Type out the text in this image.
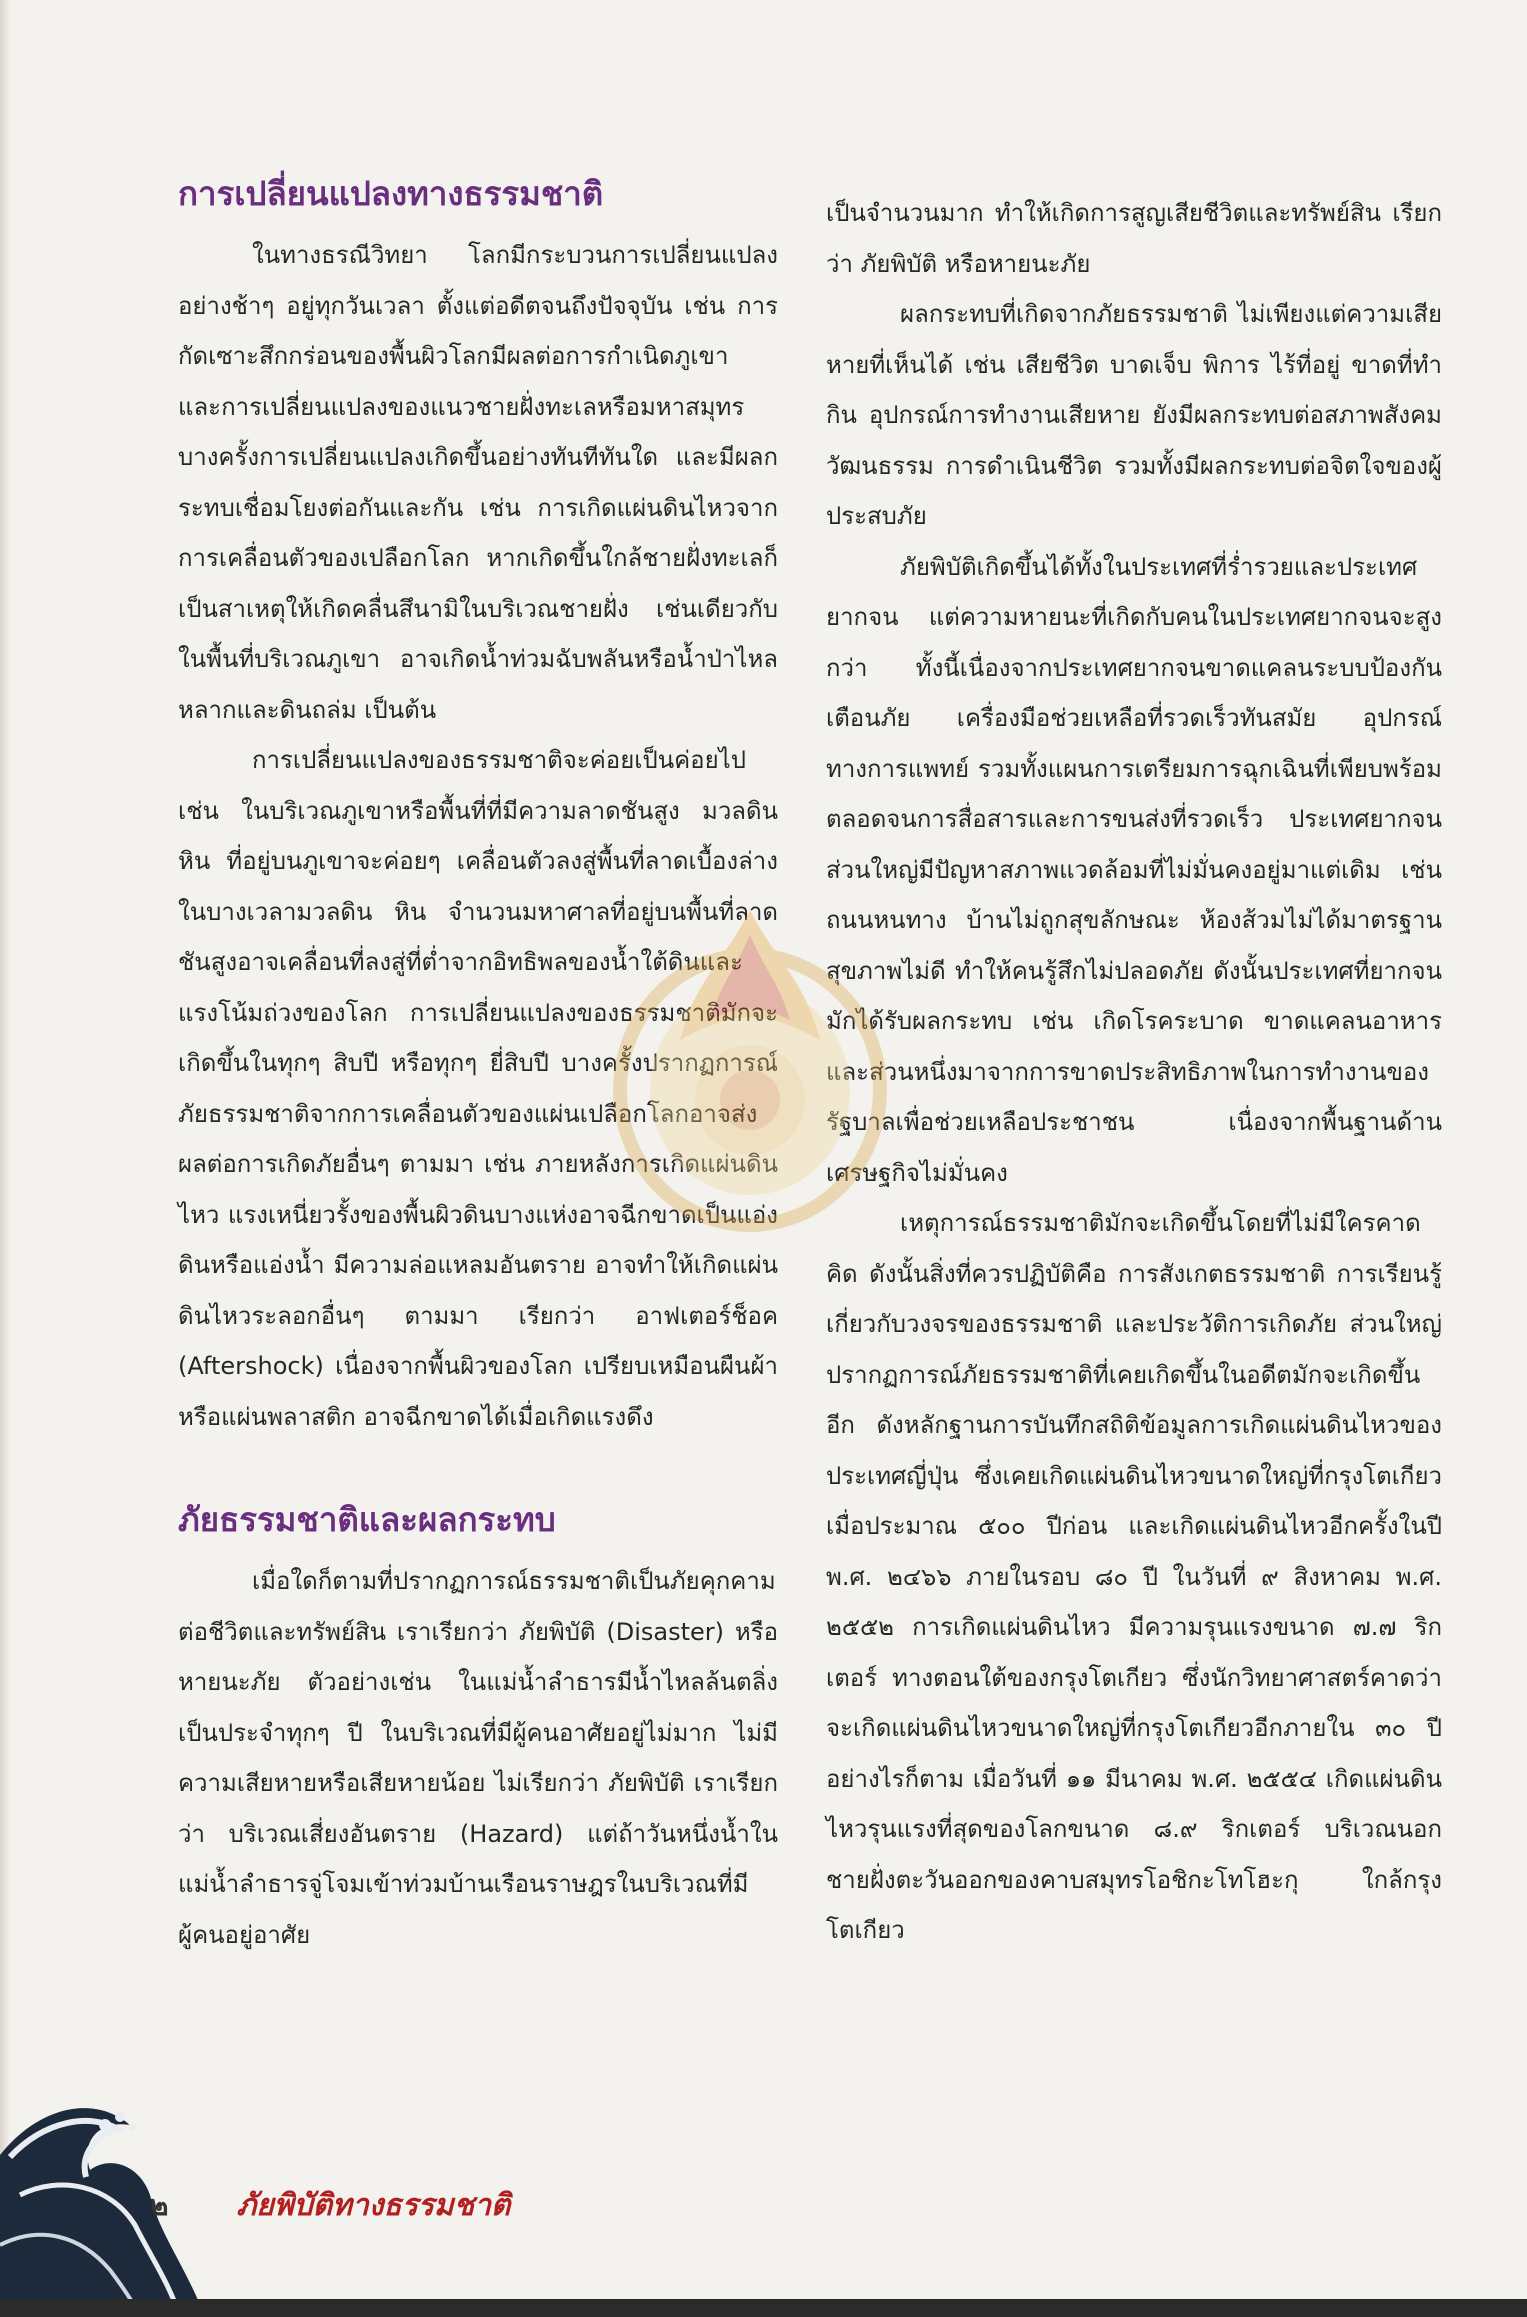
การเปลี่ยนแปลงทางธรรมชาติ

ในทางธรณีวิทยา โลกมีกระบวนการเปลี่ยนแปลงอย่างช้าๆ อยู่ทุกวันเวลา ตั้งแต่อดีตจนถึงปัจจุบัน เช่น การกัดเซาะสึกกร่อนของพื้นผิวโลกมีผลต่อการกำเนิดภูเขา และการเปลี่ยนแปลงของแนวชายฝั่งทะเลหรือมหาสมุทร บางครั้งการเปลี่ยนแปลงเกิดขึ้นอย่างทันทีทันใด และมีผลกระทบเชื่อมโยงต่อกันและกัน เช่น การเกิดแผ่นดินไหวจากการเคลื่อนตัวของเปลือกโลก หากเกิดขึ้นใกล้ชายฝั่งทะเลก็เป็นสาเหตุให้เกิดคลื่นสึนามิในบริเวณชายฝั่ง เช่นเดียวกับในพื้นที่บริเวณภูเขา อาจเกิดน้ำท่วมฉับพลันหรือน้ำป่าไหลหลากและดินถล่ม เป็นต้น

การเปลี่ยนแปลงของธรรมชาติจะค่อยเป็นค่อยไป เช่น ในบริเวณภูเขาหรือพื้นที่ที่มีความลาดชันสูง มวลดิน หิน ที่อยู่บนภูเขาจะค่อยๆ เคลื่อนตัวลงสู่พื้นที่ลาดเบื้องล่าง ในบางเวลามวลดิน หิน จำนวนมหาศาลที่อยู่บนพื้นที่ลาดชันสูงอาจเคลื่อนที่ลงสู่ที่ต่ำจากอิทธิพลของน้ำใต้ดินและแรงโน้มถ่วงของโลก การเปลี่ยนแปลงของธรรมชาติมักจะเกิดขึ้นในทุกๆ สิบปี หรือทุกๆ ยี่สิบปี บางครั้งปรากฏการณ์ภัยธรรมชาติจากการเคลื่อนตัวของแผ่นเปลือกโลกอาจส่งผลต่อการเกิดภัยอื่นๆ ตามมา เช่น ภายหลังการเกิดแผ่นดินไหว แรงเหนี่ยวรั้งของพื้นผิวดินบางแห่งอาจฉีกขาดเป็นแอ่งดินหรือแอ่งน้ำ มีความล่อแหลมอันตราย อาจทำให้เกิดแผ่นดินไหวระลอกอื่นๆ ตามมา เรียกว่า อาฟเตอร์ช็อค (Aftershock) เนื่องจากพื้นผิวของโลก เปรียบเหมือนผืนผ้าหรือแผ่นพลาสติก อาจฉีกขาดได้เมื่อเกิดแรงดึง

ภัยธรรมชาติและผลกระทบ

เมื่อใดก็ตามที่ปรากฏการณ์ธรรมชาติเป็นภัยคุกคามต่อชีวิตและทรัพย์สิน เราเรียกว่า ภัยพิบัติ (Disaster) หรือหายนะภัย ตัวอย่างเช่น ในแม่น้ำลำธารมีน้ำไหลล้นตลิ่งเป็นประจำทุกๆ ปี ในบริเวณที่มีผู้คนอาศัยอยู่ไม่มาก ไม่มีความเสียหายหรือเสียหายน้อย ไม่เรียกว่า ภัยพิบัติ เราเรียกว่า บริเวณเสี่ยงอันตราย (Hazard) แต่ถ้าวันหนึ่งน้ำในแม่น้ำลำธารจู่โจมเข้าท่วมบ้านเรือนราษฎรในบริเวณที่มีผู้คนอยู่อาศัย

เป็นจำนวนมาก ทำให้เกิดการสูญเสียชีวิตและทรัพย์สิน เรียกว่า ภัยพิบัติ หรือหายนะภัย

ผลกระทบที่เกิดจากภัยธรรมชาติ ไม่เพียงแต่ความเสียหายที่เห็นได้ เช่น เสียชีวิต บาดเจ็บ พิการ ไร้ที่อยู่ ขาดที่ทำกิน อุปกรณ์การทำงานเสียหาย ยังมีผลกระทบต่อสภาพสังคม วัฒนธรรม การดำเนินชีวิต รวมทั้งมีผลกระทบต่อจิตใจของผู้ประสบภัย

ภัยพิบัติเกิดขึ้นได้ทั้งในประเทศที่ร่ำรวยและประเทศยากจน แต่ความหายนะที่เกิดกับคนในประเทศยากจนจะสูงกว่า ทั้งนี้เนื่องจากประเทศยากจนขาดแคลนระบบป้องกัน เตือนภัย เครื่องมือช่วยเหลือที่รวดเร็วทันสมัย อุปกรณ์ทางการแพทย์ รวมทั้งแผนการเตรียมการฉุกเฉินที่เพียบพร้อม ตลอดจนการสื่อสารและการขนส่งที่รวดเร็ว ประเทศยากจนส่วนใหญ่มีปัญหาสภาพแวดล้อมที่ไม่มั่นคงอยู่มาแต่เดิม เช่น ถนนหนทาง บ้านไม่ถูกสุขลักษณะ ห้องส้วมไม่ได้มาตรฐาน สุขภาพไม่ดี ทำให้คนรู้สึกไม่ปลอดภัย ดังนั้นประเทศที่ยากจนมักได้รับผลกระทบ เช่น เกิดโรคระบาด ขาดแคลนอาหาร และส่วนหนึ่งมาจากการขาดประสิทธิภาพในการทำงานของรัฐบาลเพื่อช่วยเหลือประชาชน เนื่องจากพื้นฐานด้านเศรษฐกิจไม่มั่นคง

เหตุการณ์ธรรมชาติมักจะเกิดขึ้นโดยที่ไม่มีใครคาดคิด ดังนั้นสิ่งที่ควรปฏิบัติคือ การสังเกตธรรมชาติ การเรียนรู้เกี่ยวกับวงจรของธรรมชาติ และประวัติการเกิดภัย ส่วนใหญ่ปรากฏการณ์ภัยธรรมชาติที่เคยเกิดขึ้นในอดีตมักจะเกิดขึ้นอีก ดังหลักฐานการบันทึกสถิติข้อมูลการเกิดแผ่นดินไหวของประเทศญี่ปุ่น ซึ่งเคยเกิดแผ่นดินไหวขนาดใหญ่ที่กรุงโตเกียว เมื่อประมาณ ๕๐๐ ปีก่อน และเกิดแผ่นดินไหวอีกครั้งในปี พ.ศ. ๒๔๖๖ ภายในรอบ ๘๐ ปี ในวันที่ ๙ สิงหาคม พ.ศ. ๒๕๕๒ การเกิดแผ่นดินไหว มีความรุนแรงขนาด ๗.๗ ริกเตอร์ ทางตอนใต้ของกรุงโตเกียว ซึ่งนักวิทยาศาสตร์คาดว่า จะเกิดแผ่นดินไหวขนาดใหญ่ที่กรุงโตเกียวอีกภายใน ๓๐ ปี อย่างไรก็ตาม เมื่อวันที่ ๑๑ มีนาคม พ.ศ. ๒๕๕๔ เกิดแผ่นดินไหวรุนแรงที่สุดของโลกขนาด ๘.๙ ริกเตอร์ บริเวณนอกชายฝั่งตะวันออกของคาบสมุทรโอชิกะโทโฮะกุ ใกล้กรุงโตเกียว

๒ ภัยพิบัติทางธรรมชาติ
